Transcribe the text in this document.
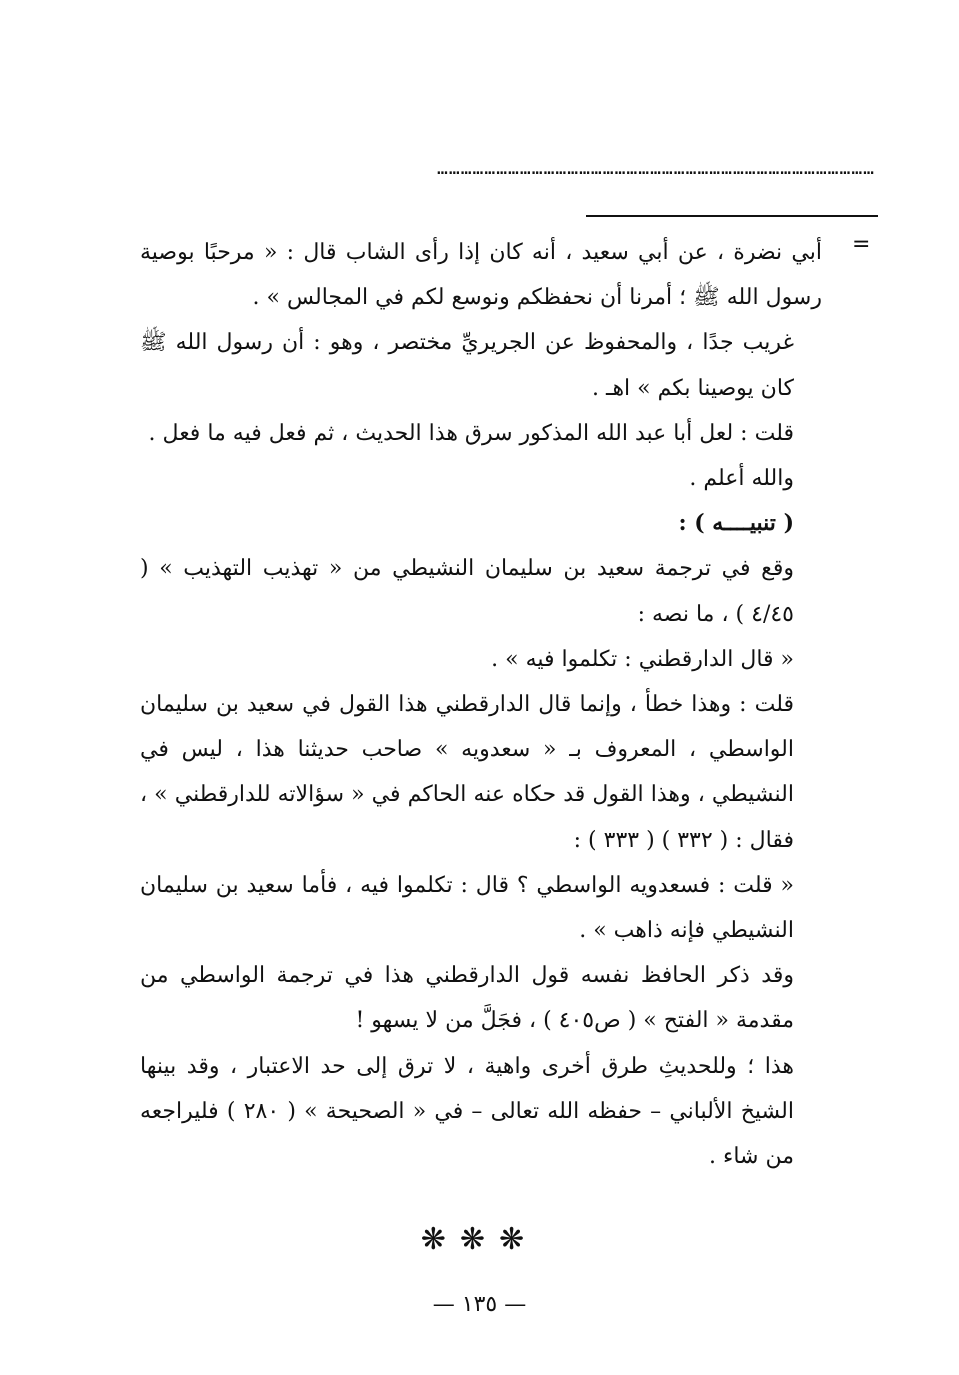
…………………………………………………………………………………………………
=

أبي نضرة ، عن أبي سعيد ، أنه كان إذا رأى الشاب قال : « مرحبًا بوصية رسول الله ﷺ ؛ أمرنا أن نحفظكم ونوسع لكم في المجالس » .

غريب جدًا ، والمحفوظ عن الجريريِّ مختصر ، وهو : أن رسول الله ﷺ كان يوصينا بكم » اهـ .

قلت : لعل أبا عبد الله المذكور سرق هذا الحديث ، ثم فعل فيه ما فعل .

والله أعلم .

( تنبيــــه ) :

وقع في ترجمة سعيد بن سليمان النشيطي من « تهذيب التهذيب » ( ٤/٤٥ ) ، ما نصه :

« قال الدارقطني : تكلموا فيه » .

قلت : وهذا خطأ ، وإنما قال الدارقطني هذا القول في سعيد بن سليمان الواسطي ، المعروف بـ « سعدويه » صاحب حديثنا هذا ، ليس في النشيطي ، وهذا القول قد حكاه عنه الحاكم في « سؤالاته للدارقطني » ، فقال : ( ٣٣٢ ) ( ٣٣٣ ) :

« قلت : فسعدويه الواسطي ؟ قال : تكلموا فيه ، فأما سعيد بن سليمان النشيطي فإنه ذاهب » .

وقد ذكر الحافظ نفسه قول الدارقطني هذا في ترجمة الواسطي من مقدمة « الفتح » ( ص٤٠٥ ) ، فجَلَّ من لا يسهو !

هذا ؛ وللحديثِ طرق أخرى واهية ، لا ترق إلى حد الاعتبار ، وقد بينها الشيخ الألباني – حفظه الله تعالى – في « الصحيحة » ( ٢٨٠ ) فليراجعه من شاء .

❋❋❋
— ١٣٥ —
